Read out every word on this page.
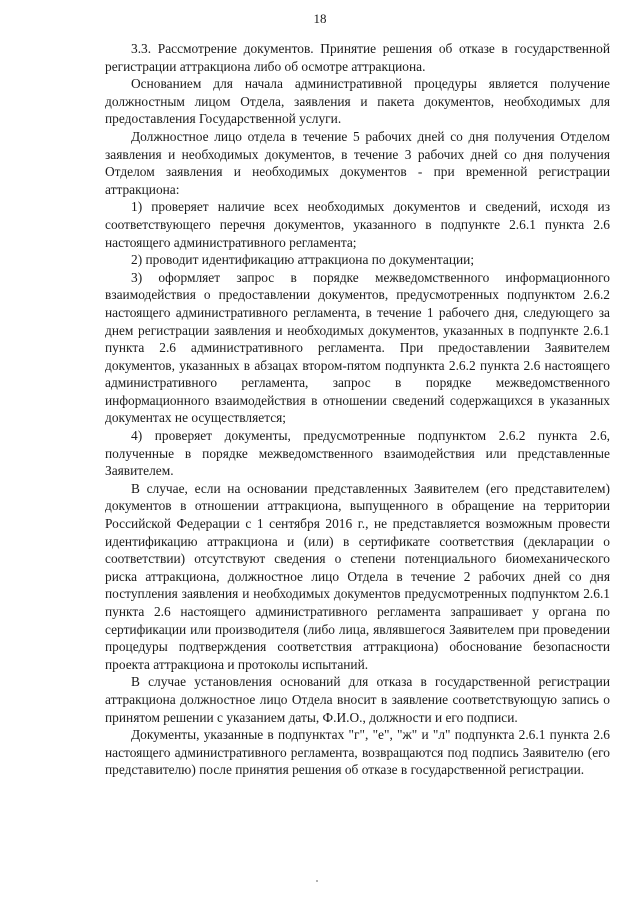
18

3.3. Рассмотрение документов. Принятие решения об отказе в государственной регистрации аттракциона либо об осмотре аттракциона.

Основанием для начала административной процедуры является получение должностным лицом Отдела, заявления и пакета документов, необходимых для предоставления Государственной услуги.

Должностное лицо отдела в течение 5 рабочих дней со дня получения Отделом заявления и необходимых документов, в течение 3 рабочих дней со дня получения Отделом заявления и необходимых документов - при временной регистрации аттракциона:

1) проверяет наличие всех необходимых документов и сведений, исходя из соответствующего перечня документов, указанного в подпункте 2.6.1 пункта 2.6 настоящего административного регламента;

2) проводит идентификацию аттракциона по документации;

3) оформляет запрос в порядке межведомственного информационного взаимодействия о предоставлении документов, предусмотренных подпунктом 2.6.2 настоящего административного регламента, в течение 1 рабочего дня, следующего за днем регистрации заявления и необходимых документов, указанных в подпункте 2.6.1 пункта 2.6 административного регламента. При предоставлении Заявителем документов, указанных в абзацах втором-пятом подпункта 2.6.2 пункта 2.6 настоящего административного регламента, запрос в порядке межведомственного информационного взаимодействия в отношении сведений содержащихся в указанных документах не осуществляется;

4) проверяет документы, предусмотренные подпунктом 2.6.2 пункта 2.6, полученные в порядке межведомственного взаимодействия или представленные Заявителем.

В случае, если на основании представленных Заявителем (его представителем) документов в отношении аттракциона, выпущенного в обращение на территории Российской Федерации с 1 сентября 2016 г., не представляется возможным провести идентификацию аттракциона и (или) в сертификате соответствия (декларации о соответствии) отсутствуют сведения о степени потенциального биомеханического риска аттракциона, должностное лицо Отдела в течение 2 рабочих дней со дня поступления заявления и необходимых документов предусмотренных подпунктом 2.6.1 пункта 2.6 настоящего административного регламента запрашивает у органа по сертификации или производителя (либо лица, являвшегося Заявителем при проведении процедуры подтверждения соответствия аттракциона) обоснование безопасности проекта аттракциона и протоколы испытаний.

В случае установления оснований для отказа в государственной регистрации аттракциона должностное лицо Отдела вносит в заявление соответствующую запись о принятом решении с указанием даты, Ф.И.О., должности и его подписи.

Документы, указанные в подпунктах "г", "е", "ж" и "л" подпункта 2.6.1 пункта 2.6 настоящего административного регламента, возвращаются под подпись Заявителю (его представителю) после принятия решения об отказе в государственной регистрации.
